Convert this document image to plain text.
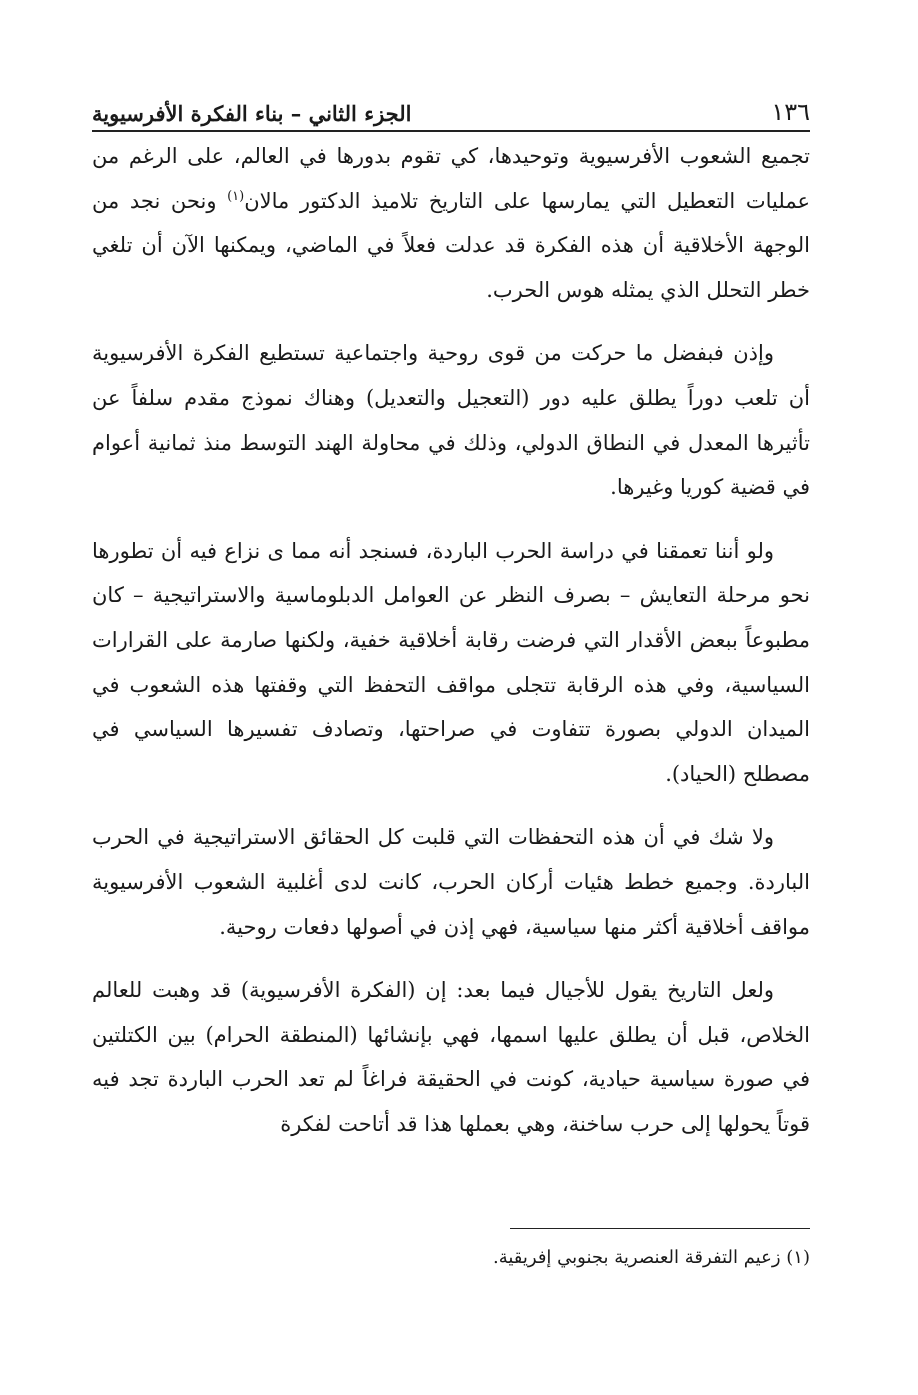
١٣٦
الجزء الثاني – بناء الفكرة الأفرسيوية

تجميع الشعوب الأفرسيوية وتوحيدها، كي تقوم بدورها في العالم، على الرغم من عمليات التعطيل التي يمارسها على التاريخ تلاميذ الدكتور مالان$^{(١)}$ ونحن نجد من الوجهة الأخلاقية أن هذه الفكرة قد عدلت فعلاً في الماضي، ويمكنها الآن أن تلغي خطر التحلل الذي يمثله هوس الحرب.

وإذن فبفضل ما حركت من قوى روحية واجتماعية تستطيع الفكرة الأفرسيوية أن تلعب دوراً يطلق عليه دور (التعجيل والتعديل) وهناك نموذج مقدم سلفاً عن تأثيرها المعدل في النطاق الدولي، وذلك في محاولة الهند التوسط منذ ثمانية أعوام في قضية كوريا وغيرها.

ولو أننا تعمقنا في دراسة الحرب الباردة، فسنجد أنه مما ى نزاع فيه أن تطورها نحو مرحلة التعايش – بصرف النظر عن العوامل الدبلوماسية والاستراتيجية – كان مطبوعاً ببعض الأقدار التي فرضت رقابة أخلاقية خفية، ولكنها صارمة على القرارات السياسية، وفي هذه الرقابة تتجلى مواقف التحفظ التي وقفتها هذه الشعوب في الميدان الدولي بصورة تتفاوت في صراحتها، وتصادف تفسيرها السياسي في مصطلح (الحياد).

ولا شك في أن هذه التحفظات التي قلبت كل الحقائق الاستراتيجية في الحرب الباردة. وجميع خطط هئيات أركان الحرب، كانت لدى أغلبية الشعوب الأفرسيوية مواقف أخلاقية أكثر منها سياسية، فهي إذن في أصولها دفعات روحية.

ولعل التاريخ يقول للأجيال فيما بعد: إن (الفكرة الأفرسيوية) قد وهبت للعالم الخلاص، قبل أن يطلق عليها اسمها، فهي بإنشائها (المنطقة الحرام) بين الكتلتين في صورة سياسية حيادية، كونت في الحقيقة فراغاً لم تعد الحرب الباردة تجد فيه قوتاً يحولها إلى حرب ساخنة، وهي بعملها هذا قد أتاحت لفكرة

(١) زعيم التفرقة العنصرية بجنوبي إفريقية.
